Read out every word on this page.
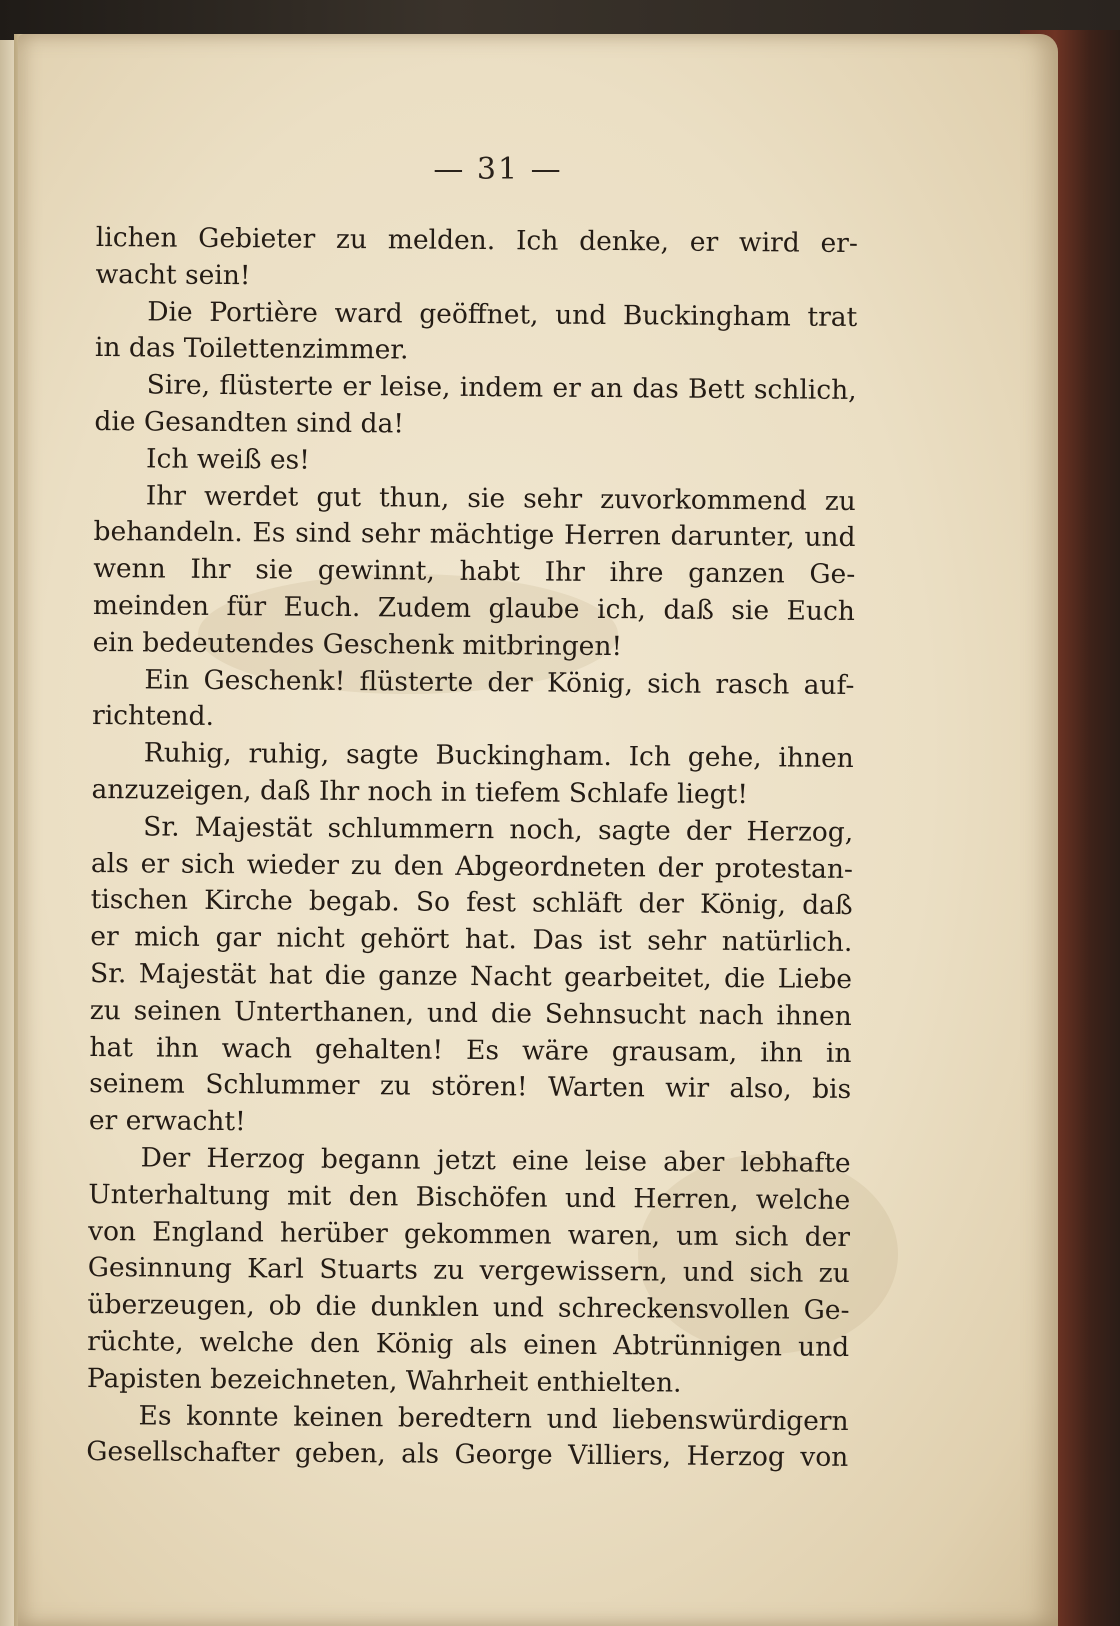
— 31 —
lichen Gebieter zu melden. Ich denke, er wird er-
wacht sein!
Die Portière ward geöffnet, und Buckingham trat
in das Toilettenzimmer.
Sire, flüsterte er leise, indem er an das Bett schlich,
die Gesandten sind da!
Ich weiß es!
Ihr werdet gut thun, sie sehr zuvorkommend zu
behandeln. Es sind sehr mächtige Herren darunter, und
wenn Ihr sie gewinnt, habt Ihr ihre ganzen Ge-
meinden für Euch. Zudem glaube ich, daß sie Euch
ein bedeutendes Geschenk mitbringen!
Ein Geschenk! flüsterte der König, sich rasch auf-
richtend.
Ruhig, ruhig, sagte Buckingham. Ich gehe, ihnen
anzuzeigen, daß Ihr noch in tiefem Schlafe liegt!
Sr. Majestät schlummern noch, sagte der Herzog,
als er sich wieder zu den Abgeordneten der protestan-
tischen Kirche begab. So fest schläft der König, daß
er mich gar nicht gehört hat. Das ist sehr natürlich.
Sr. Majestät hat die ganze Nacht gearbeitet, die Liebe
zu seinen Unterthanen, und die Sehnsucht nach ihnen
hat ihn wach gehalten! Es wäre grausam, ihn in
seinem Schlummer zu stören! Warten wir also, bis
er erwacht!
Der Herzog begann jetzt eine leise aber lebhafte
Unterhaltung mit den Bischöfen und Herren, welche
von England herüber gekommen waren, um sich der
Gesinnung Karl Stuarts zu vergewissern, und sich zu
überzeugen, ob die dunklen und schreckensvollen Ge-
rüchte, welche den König als einen Abtrünnigen und
Papisten bezeichneten, Wahrheit enthielten.
Es konnte keinen beredtern und liebenswürdigern
Gesellschafter geben, als George Villiers, Herzog von
